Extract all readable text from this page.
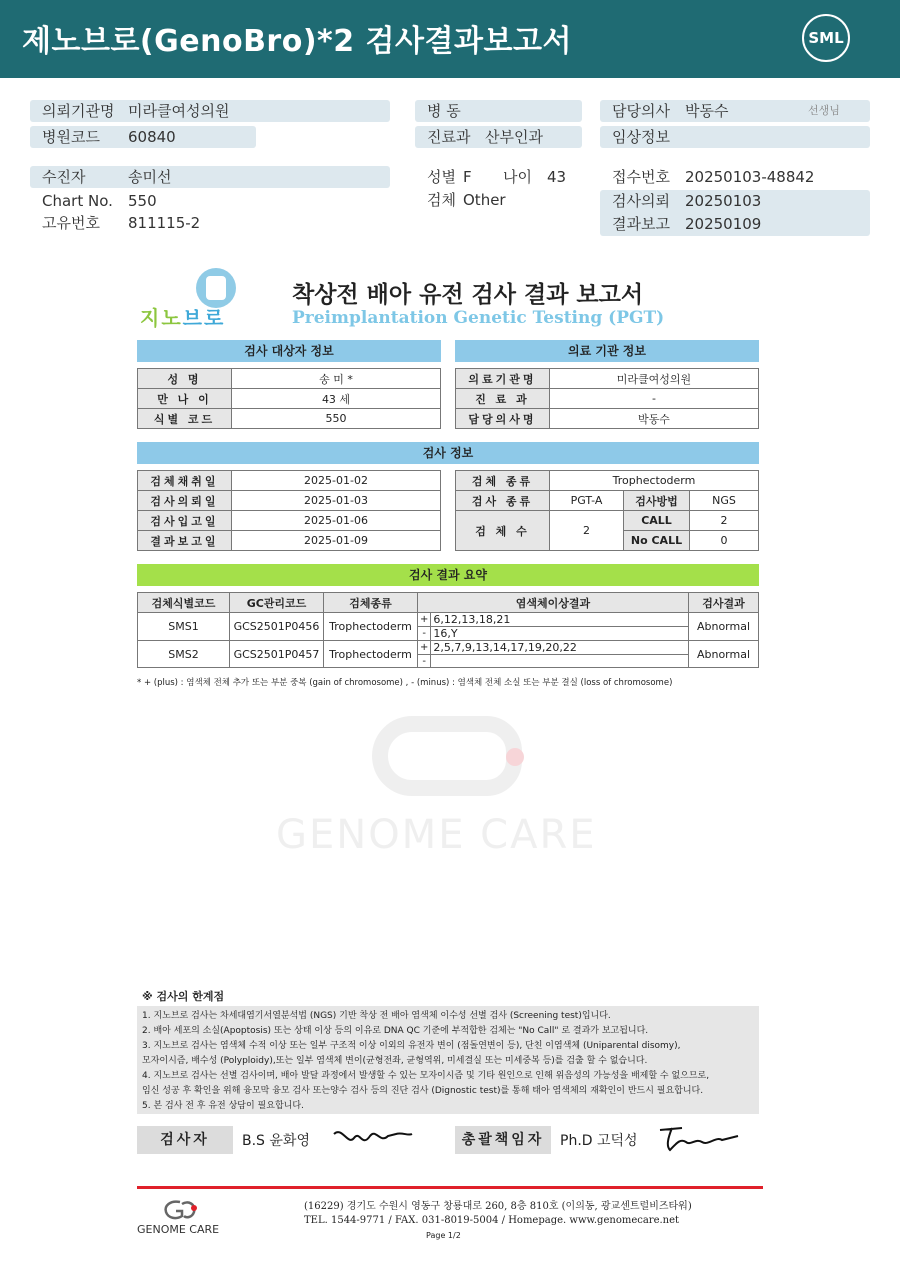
제노브로(GenoBro)*2 검사결과보고서	SML
의뢰기관명 미라클여성의원
병원코드 60840
수진자	송미선
Chart No. 550
고유번호 811115-2
병 동
진료과 산부인과
성별 F 나이 43
검체 Other
담당의사 박동수	선생님
임상정보
접수번호 20250103-48842
검사의뢰 20250103
결과보고 20250109
지노브로
착상전 배아 유전 검사 결과 보고서
Preimplantation Genetic Testing (PGT)
검사 대상자 정보	의료 기관 정보
성 명	송 미 *
만 나 이	43 세
식별 코드	550
의료기관명	미라클여성의원
진 료 과	-
담당의사명	박동수
검사 정보
검체채취일	2025-01-02
검사의뢰일	2025-01-03
검사입고일	2025-01-06
결과보고일	2025-01-09
검체 종류	Trophectoderm		
검사 종류	PGT-A	검사방법	NGS
검 체 수	2	CALL	2
		No CALL	0
검사 결과 요약
검체식별코드	GC관리코드	검체종류	염색체이상결과		검사결과
SMS1	GCS2501P0456	Trophectoderm	+	6,12,13,18,21	Abnormal
			-	16,Y	
SMS2	GCS2501P0457	Trophectoderm	+	2,5,7,9,13,14,17,19,20,22	Abnormal
			-		
* + (plus) : 염색체 전체 추가 또는 부분 중복 (gain of chromosome) , - (minus) : 염색체 전체 소실 또는 부분 결실 (loss of chromosome)
GENOME CARE
※ 검사의 한계점
1. 지노브로 검사는 차세대염기서열분석법 (NGS) 기반 착상 전 배아 염색체 이수성 선별 검사 (Screening test)입니다.
2. 배아 세포의 소실(Apoptosis) 또는 상태 이상 등의 이유로 DNA QC 기준에 부적합한 검체는 "No Call" 로 결과가 보고됩니다.
3. 지노브로 검사는 염색체 수적 이상 또는 일부 구조적 이상 이외의 유전자 변이 (점돌연변이 등), 단친 이염색체 (Uniparental disomy),
모자이시즘, 배수성 (Polyploidy),또는 일부 염색체 변이(균형전좌, 균형역위, 미세결실 또는 미세중복 등)를 검출 할 수 없습니다.
4. 지노브로 검사는 선별 검사이며, 배아 발달 과정에서 발생할 수 있는 모자이시즘 및 기타 원인으로 인해 위음성의 가능성을 배제할 수 없으므로,
임신 성공 후 확인을 위해 융모막 융모 검사 또는양수 검사 등의 진단 검사 (Dignostic test)를 통해 태아 염색체의 재확인이 반드시 필요합니다.
5. 본 검사 전 후 유전 상담이 필요합니다.
검사자	B.S 윤화영	총괄책임자	Ph.D 고덕성
GENOME CARE
(16229) 경기도 수원시 영동구 창룡대로 260, 8층 810호 (이의동, 광교센트럴비즈타워)
TEL. 1544-9771 / FAX. 031-8019-5004 / Homepage. www.genomecare.net
Page 1/2
